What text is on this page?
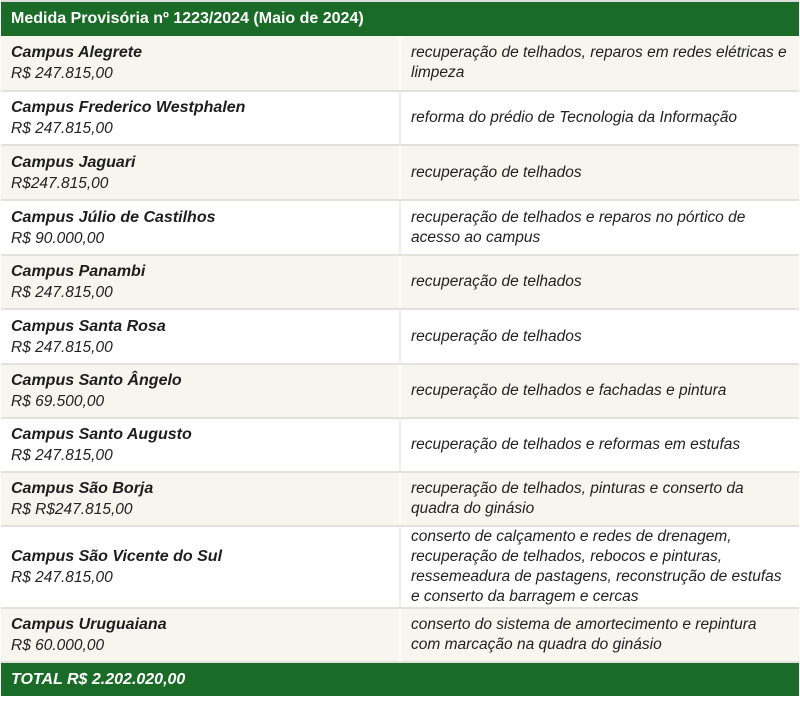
Medida Provisória nº 1223/2024 (Maio de 2024)	

Campus Alegrete
R$ 247.815,00	recuperação de telhados, reparos em redes elétricas e limpeza

Campus Frederico Westphalen
R$ 247.815,00	reforma do prédio de Tecnologia da Informação

Campus Jaguari
R$247.815,00	recuperação de telhados

Campus Júlio de Castilhos
R$ 90.000,00	recuperação de telhados e reparos no pórtico de acesso ao campus

Campus Panambi
R$ 247.815,00	recuperação de telhados

Campus Santa Rosa
R$ 247.815,00	recuperação de telhados

Campus Santo Ângelo
R$ 69.500,00	recuperação de telhados e fachadas e pintura

Campus Santo Augusto
R$ 247.815,00	recuperação de telhados e reformas em estufas

Campus São Borja
R$ R$247.815,00	recuperação de telhados, pinturas e conserto da quadra do ginásio

Campus São Vicente do Sul
R$ 247.815,00	conserto de calçamento e redes de drenagem, recuperação de telhados, rebocos e pinturas, ressemeadura de pastagens, reconstrução de estufas e conserto da barragem e cercas

Campus Uruguaiana
R$ 60.000,00	conserto do sistema de amortecimento e repintura com marcação na quadra do ginásio
TOTAL R$ 2.202.020,00	
